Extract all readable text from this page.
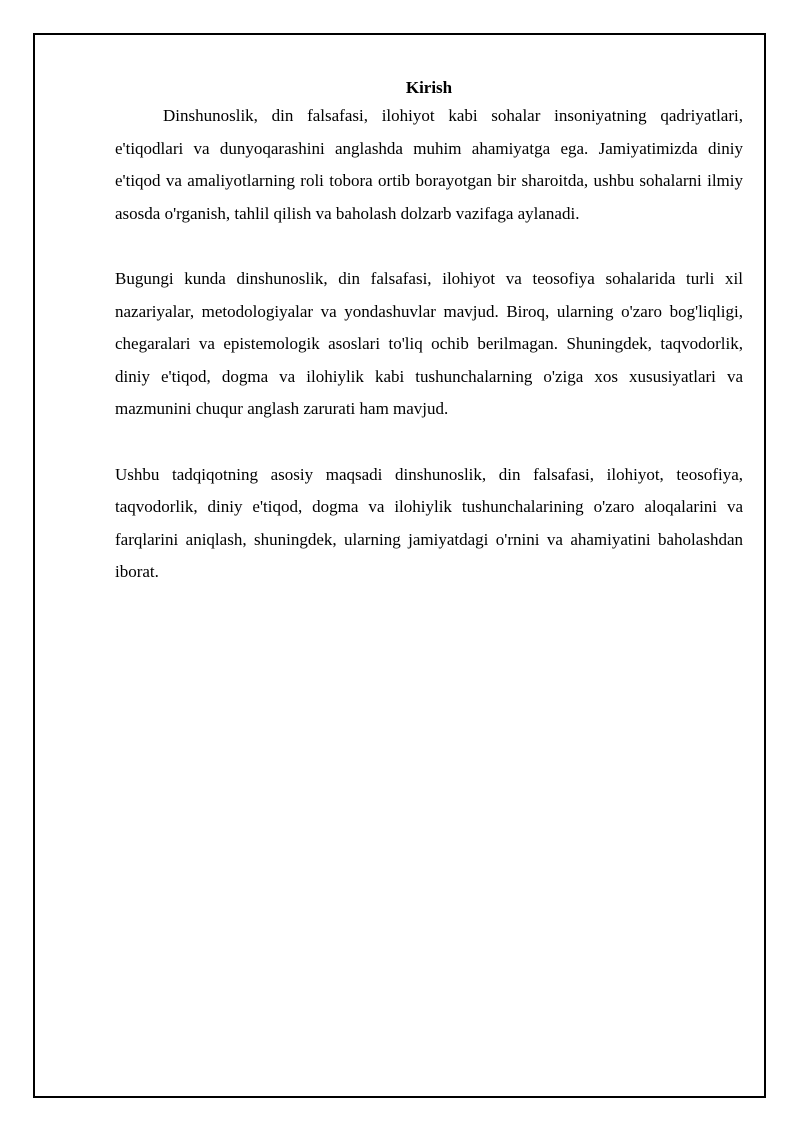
Kirish

Dinshunoslik, din falsafasi, ilohiyot kabi sohalar insoniyatning qadriyatlari, e'tiqodlari va dunyoqarashini anglashda muhim ahamiyatga ega. Jamiyatimizda diniy e'tiqod va amaliyotlarning roli tobora ortib borayotgan bir sharoitda, ushbu sohalarni ilmiy asosda o'rganish, tahlil qilish va baholash dolzarb vazifaga aylanadi.

Bugungi kunda dinshunoslik, din falsafasi, ilohiyot va teosofiya sohalarida turli xil nazariyalar, metodologiyalar va yondashuvlar mavjud. Biroq, ularning o'zaro bog'liqligi, chegaralari va epistemologik asoslari to'liq ochib berilmagan. Shuningdek, taqvodorlik, diniy e'tiqod, dogma va ilohiylik kabi tushunchalarning o'ziga xos xususiyatlari va mazmunini chuqur anglash zarurati ham mavjud.

Ushbu tadqiqotning asosiy maqsadi dinshunoslik, din falsafasi, ilohiyot, teosofiya, taqvodorlik, diniy e'tiqod, dogma va ilohiylik tushunchalarining o'zaro aloqalarini va farqlarini aniqlash, shuningdek, ularning jamiyatdagi o'rnini va ahamiyatini baholashdan iborat.
